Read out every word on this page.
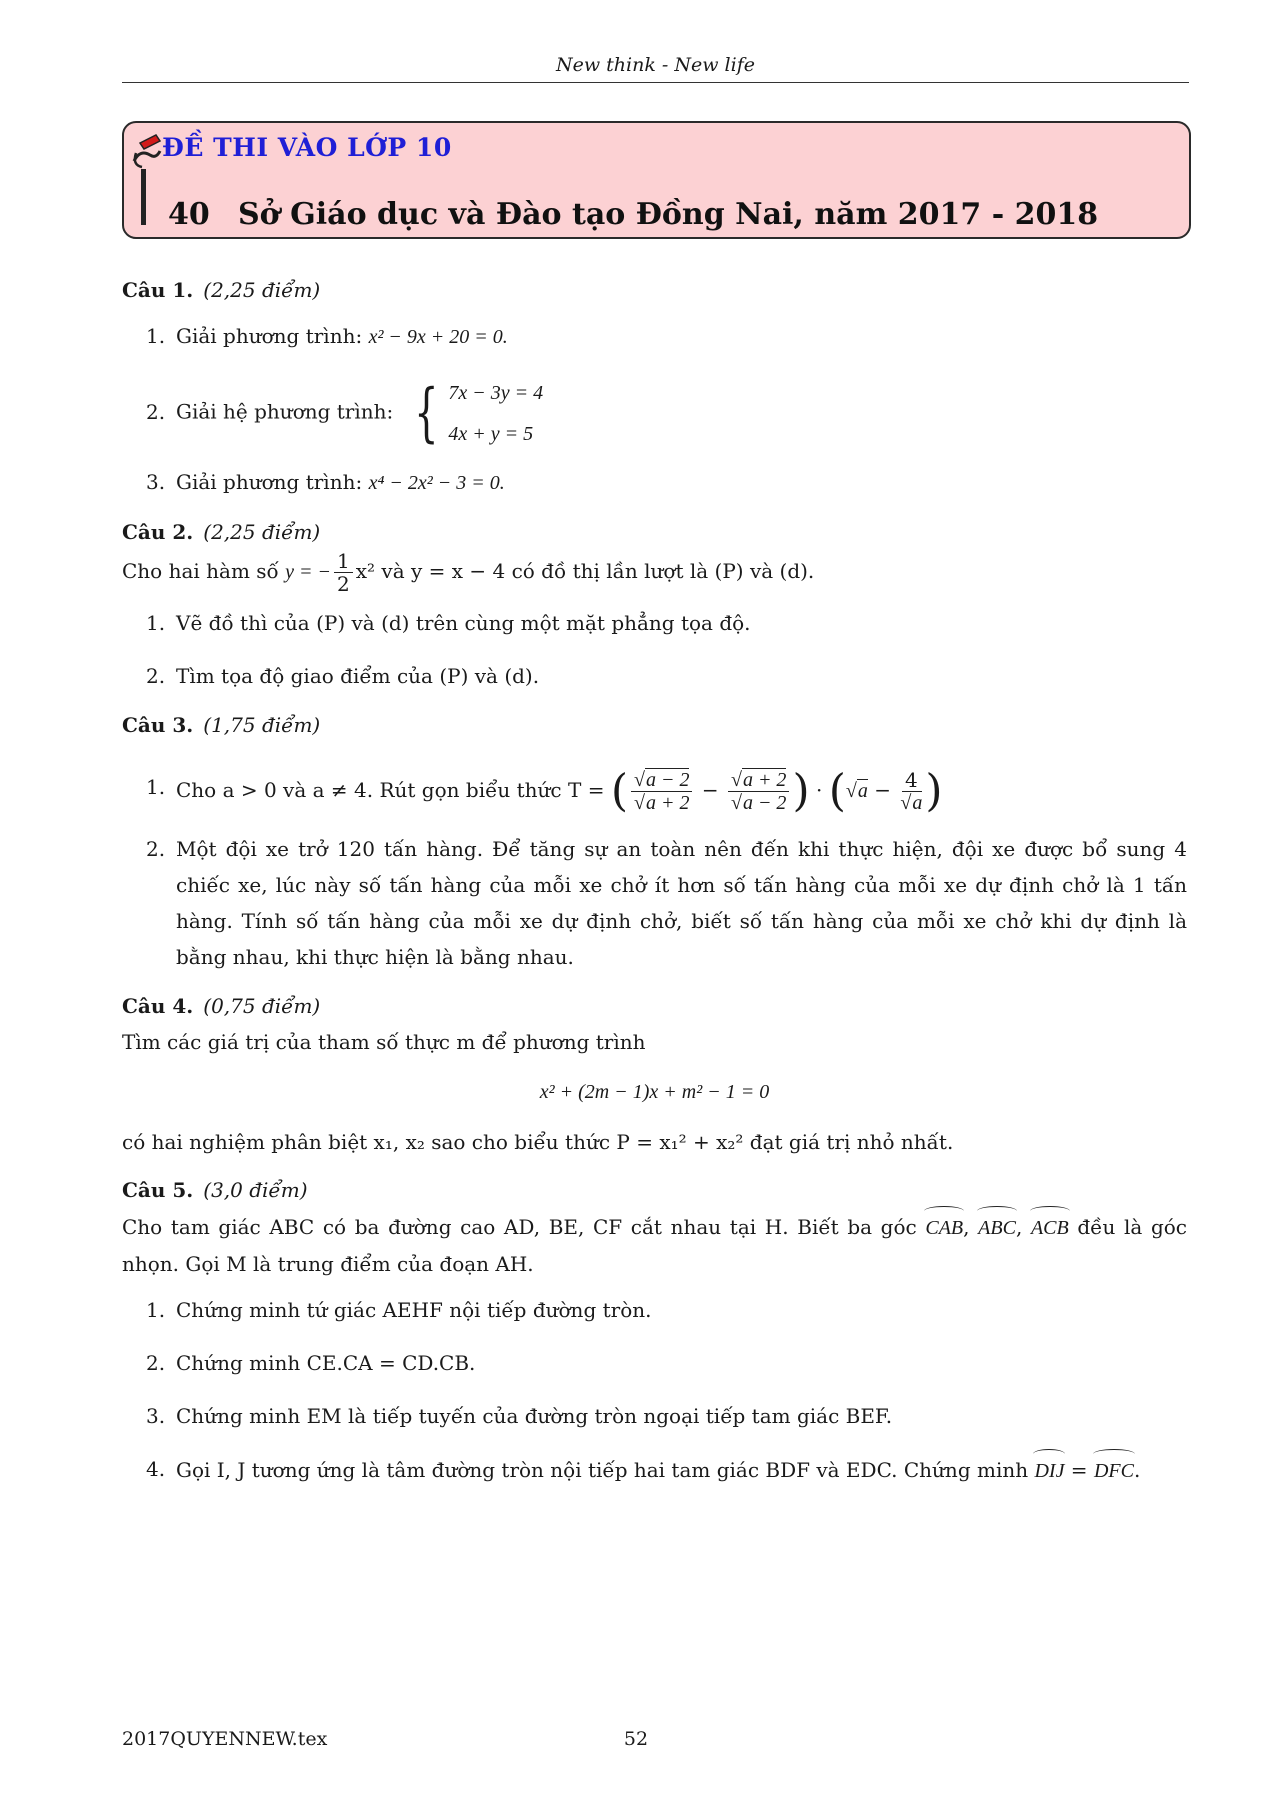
New think - New life
ĐỀ THI VÀO LỚP 10
40 Sở Giáo dục và Đào tạo Đồng Nai, năm 2017 - 2018
Câu 1. (2,25 điểm)
1. Giải phương trình: x² − 9x + 20 = 0.
2. Giải hệ phương trình: { 7x − 3y = 4
4x + y = 5
3. Giải phương trình: x⁴ − 2x² − 3 = 0.
Câu 2. (2,25 điểm)

Cho hai hàm số y = − $\frac{1}{2} x^2$ và y = x − 4 có đồ thị lần lượt là (P) và (d).

1. Vẽ đồ thì của (P) và (d) trên cùng một mặt phẳng tọa độ.
2. Tìm tọa độ giao điểm của (P) và (d).
Câu 3. (1,75 điểm)
1. Cho a > 0 và a ≠ 4. Rút gọn biểu thức T = ( $\frac{√a - 2}{√a + 2} - \frac{√a + 2}{√a - 2}$ ) · ($√a - \frac{4}{√a}$ )
2. Một đội xe trở 120 tấn hàng. Để tăng sự an toàn nên đến khi thực hiện, đội xe được bổ sung 4 chiếc xe, lúc này số tấn hàng của mỗi xe chở ít hơn số tấn hàng của mỗi xe dự định chở là 1 tấn hàng. Tính số tấn hàng của mỗi xe dự định chở, biết số tấn hàng của mỗi xe chở khi dự định là bằng nhau, khi thực hiện là bằng nhau.
Câu 4. (0,75 điểm)

Tìm các giá trị của tham số thực m để phương trình

x² + (2m − 1)x + m² − 1 = 0

có hai nghiệm phân biệt x₁, x₂ sao cho biểu thức P = x₁² + x₂² đạt giá trị nhỏ nhất.

Câu 5. (3,0 điểm)

Cho tam giác ABC có ba đường cao AD, BE, CF cắt nhau tại H. Biết ba góc CAB, ABC, ACB đều là góc nhọn. Gọi M là trung điểm của đoạn AH.

1. Chứng minh tứ giác AEHF nội tiếp đường tròn.
2. Chứng minh CE.CA = CD.CB.
3. Chứng minh EM là tiếp tuyến của đường tròn ngoại tiếp tam giác BEF.
4. Gọi I, J tương ứng là tâm đường tròn nội tiếp hai tam giác BDF và EDC. Chứng minh DIJ = DFC.
2017QUYENNEW.tex	52
